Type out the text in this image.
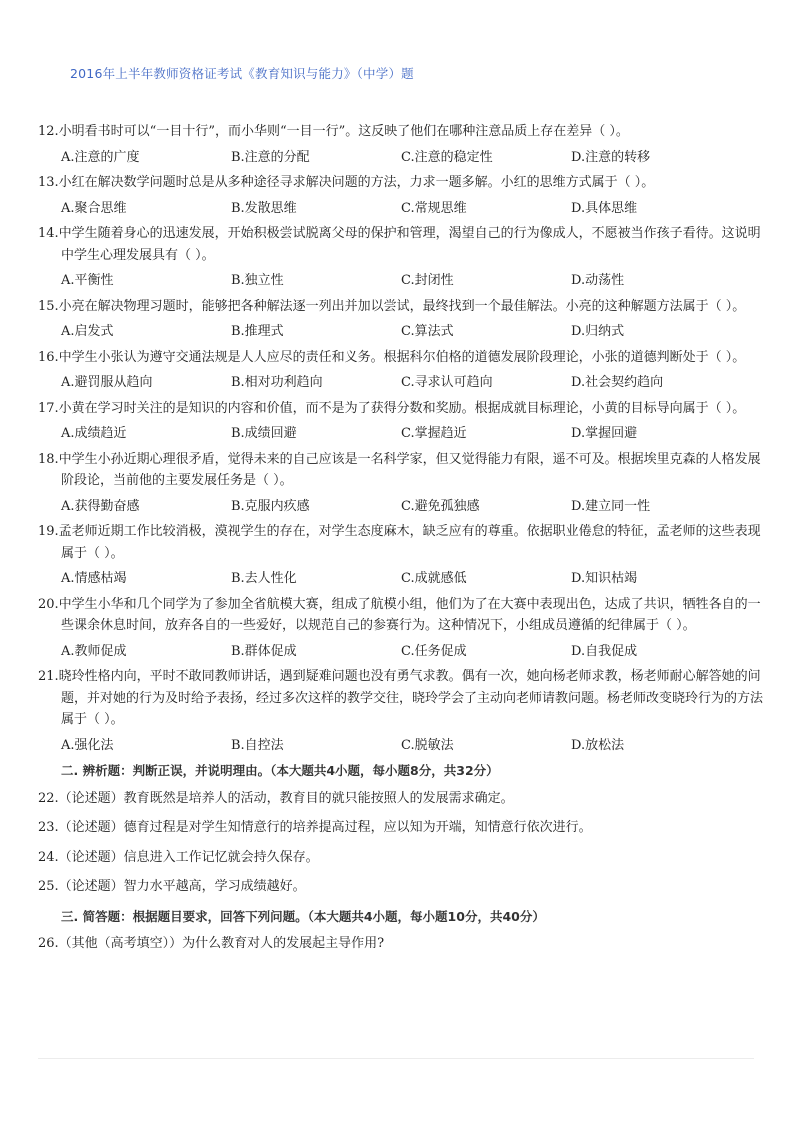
2016年上半年教师资格证考试《教育知识与能力》（中学）题
12.小明看书时可以“一目十行”，而小华则“一目一行”。这反映了他们在哪种注意品质上存在差异（ ）。
A.注意的广度	B.注意的分配	C.注意的稳定性	D.注意的转移
13.小红在解决数学问题时总是从多种途径寻求解决问题的方法，力求一题多解。小红的思维方式属于（ ）。
A.聚合思维	B.发散思维	C.常规思维	D.具体思维
14.中学生随着身心的迅速发展，开始积极尝试脱离父母的保护和管理，渴望自己的行为像成人，不愿被当作孩子看待。这说明中学生心理发展具有（ ）。
A.平衡性	B.独立性	C.封闭性	D.动荡性
15.小亮在解决物理习题时，能够把各种解法逐一列出并加以尝试，最终找到一个最佳解法。小亮的这种解题方法属于（ ）。
A.启发式	B.推理式	C.算法式	D.归纳式
16.中学生小张认为遵守交通法规是人人应尽的责任和义务。根据科尔伯格的道德发展阶段理论，小张的道德判断处于（ ）。
A.避罚服从趋向	B.相对功利趋向	C.寻求认可趋向	D.社会契约趋向
17.小黄在学习时关注的是知识的内容和价值，而不是为了获得分数和奖励。根据成就目标理论，小黄的目标导向属于（ ）。
A.成绩趋近	B.成绩回避	C.掌握趋近	D.掌握回避
18.中学生小孙近期心理很矛盾，觉得未来的自己应该是一名科学家，但又觉得能力有限，遥不可及。根据埃里克森的人格发展阶段论，当前他的主要发展任务是（ ）。
A.获得勤奋感	B.克服内疚感	C.避免孤独感	D.建立同一性
19.孟老师近期工作比较消极，漠视学生的存在，对学生态度麻木，缺乏应有的尊重。依据职业倦怠的特征，孟老师的这些表现属于（ ）。
A.情感枯竭	B.去人性化	C.成就感低	D.知识枯竭
20.中学生小华和几个同学为了参加全省航模大赛，组成了航模小组，他们为了在大赛中表现出色，达成了共识，牺牲各自的一些课余休息时间，放弃各自的一些爱好，以规范自己的参赛行为。这种情况下，小组成员遵循的纪律属于（ ）。
A.教师促成	B.群体促成	C.任务促成	D.自我促成
21.晓玲性格内向，平时不敢同教师讲话，遇到疑难问题也没有勇气求教。偶有一次，她向杨老师求教，杨老师耐心解答她的问题，并对她的行为及时给予表扬，经过多次这样的教学交往，晓玲学会了主动向老师请教问题。杨老师改变晓玲行为的方法属于（ ）。
A.强化法	B.自控法	C.脱敏法	D.放松法
二. 辨析题：判断正误，并说明理由。（本大题共4小题，每小题8分，共32分）
22.（论述题）教育既然是培养人的活动，教育目的就只能按照人的发展需求确定。
23.（论述题）德育过程是对学生知情意行的培养提高过程，应以知为开端，知情意行依次进行。
24.（论述题）信息进入工作记忆就会持久保存。
25.（论述题）智力水平越高，学习成绩越好。
三. 简答题：根据题目要求，回答下列问题。（本大题共4小题，每小题10分，共40分）
26.（其他（高考填空））为什么教育对人的发展起主导作用?
